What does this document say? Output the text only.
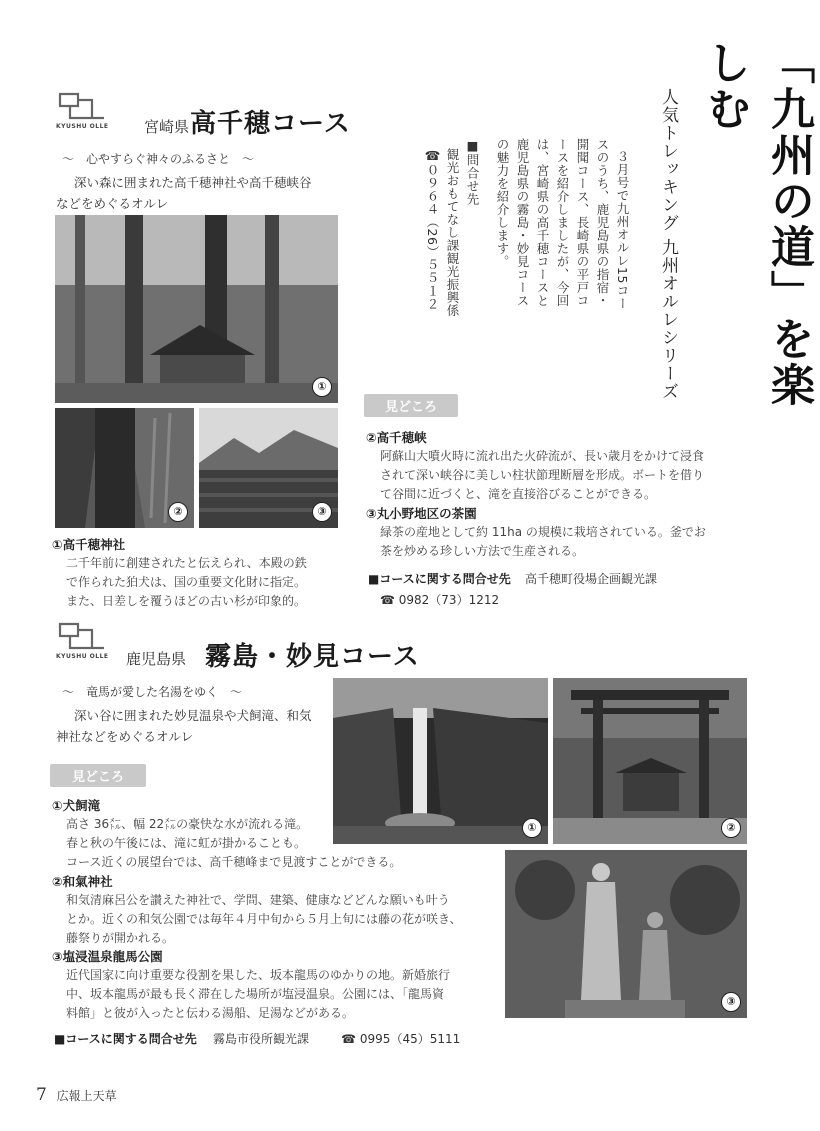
「九州の道」を楽しむ
人気トレッキング 九州オルレシリーズ
３月号で九州オルレ15コー
スのうち、鹿児島県の指宿・
開聞コース、長崎県の平戸コ
ースを紹介しましたが、今回
は、宮崎県の高千穂コースと
鹿児島県の霧島・妙見コース
の魅力を紹介します。
■問合せ先
観光おもてなし課観光振興係
☎０９６４（26）５５１２
KYUSHU OLLE	宮崎県 高千穂コース
～　心やすらぐ神々のふるさと　～
深い森に囲まれた高千穂神社や高千穂峡谷
などをめぐるオルレ
①
②	③
見どころ
①高千穂神社
二千年前に創建されたと伝えられ、本殿の鉄
で作られた狛犬は、国の重要文化財に指定。
また、日差しを覆うほどの古い杉が印象的。
②高千穂峡
阿蘇山大噴火時に流れ出た火砕流が、長い歳月をかけて浸食
されて深い峡谷に美しい柱状節理断層を形成。ボートを借り
て谷間に近づくと、滝を直接浴びることができる。
③丸小野地区の茶園
緑茶の産地として約 11ha の規模に栽培されている。釜でお
茶を炒める珍しい方法で生産される。
■コースに関する問合せ先 高千穂町役場企画観光課
☎ 0982（73）1212
KYUSHU OLLE	鹿児島県 霧島・妙見コース
～　竜馬が愛した名湯をゆく　～
深い谷に囲まれた妙見温泉や犬飼滝、和気
神社などをめぐるオルレ
①	②
③
見どころ
①犬飼滝
高さ 36㍍、幅 22㍍の豪快な水が流れる滝。
春と秋の午後には、滝に虹が掛かることも。
コース近くの展望台では、高千穂峰まで見渡すことができる。
②和氣神社
和気清麻呂公を讃えた神社で、学問、建築、健康などどんな願いも叶う
とか。近くの和気公園では毎年４月中旬から５月上旬には藤の花が咲き、
藤祭りが開かれる。
③塩浸温泉龍馬公園
近代国家に向け重要な役割を果した、坂本龍馬のゆかりの地。新婚旅行
中、坂本龍馬が最も長く滞在した場所が塩浸温泉。公園には、「龍馬資
料館」と彼が入ったと伝わる湯船、足湯などがある。
■コースに関する問合せ先 霧島市役所観光課	☎ 0995（45）5111
7 広報上天草
